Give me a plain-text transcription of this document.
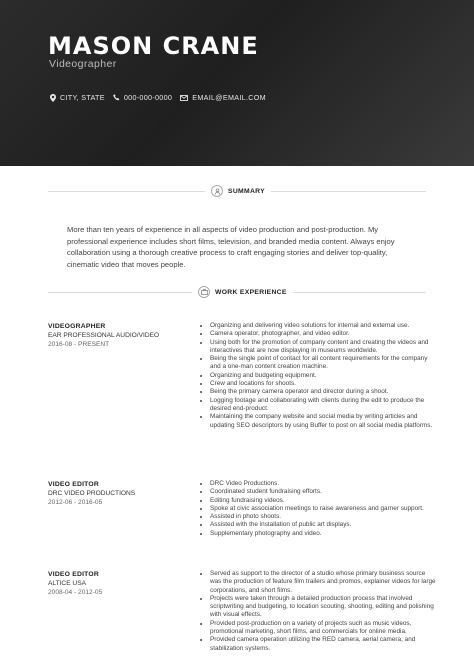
MASON CRANE
Videographer
CITY, STATE	000-000-0000	EMAIL@EMAIL.COM
SUMMARY

More than ten years of experience in all aspects of video production and post-production. My professional experience includes short films, television, and branded media content. Always enjoy collaboration using a thorough creative process to craft engaging stories and deliver top-quality, cinematic video that moves people.

WORK EXPERIENCE
VIDEOGRAPHER
EAR PROFESSIONAL AUDIO/VIDEO
2016-08 - PRESENT
• Organizing and delivering video solutions for internal and external use.
• Camera operator, photographer, and video editor.
• Using both for the promotion of company content and creating the videos and interactives that are now displaying in museums worldwide.
• Being the single point of contact for all content requirements for the company and a one-man content creation machine.
• Organizing and budgeting equipment.
• Crew and locations for shoots.
• Being the primary camera operator and director during a shoot.
• Logging footage and collaborating with clients during the edit to produce the desired end-product.
• Maintaining the company website and social media by writing articles and updating SEO descriptors by using Buffer to post on all social media platforms.
VIDEO EDITOR
DRC VIDEO PRODUCTIONS
2012-06 - 2016-05
• DRC Video Productions.
• Coordinated student fundraising efforts.
• Editing fundraising videos.
• Spoke at civic association meetings to raise awareness and garner support.
• Assisted in photo shoots.
• Assisted with the installation of public art displays.
• Supplementary photography and video.
VIDEO EDITOR
ALTICE USA
2008-04 - 2012-05
• Served as support to the director of a studio whose primary business source was the production of feature film trailers and promos, explainer videos for large corporations, and short films.
• Projects were taken through a detailed production process that involved scriptwriting and budgeting, to location scouting, shooting, editing and polishing with visual effects.
• Provided post-production on a variety of projects such as music videos, promotional marketing, short films, and commercials for online media.
• Provided camera operation utilizing the RED camera, aerial camera, and stabilization systems.
